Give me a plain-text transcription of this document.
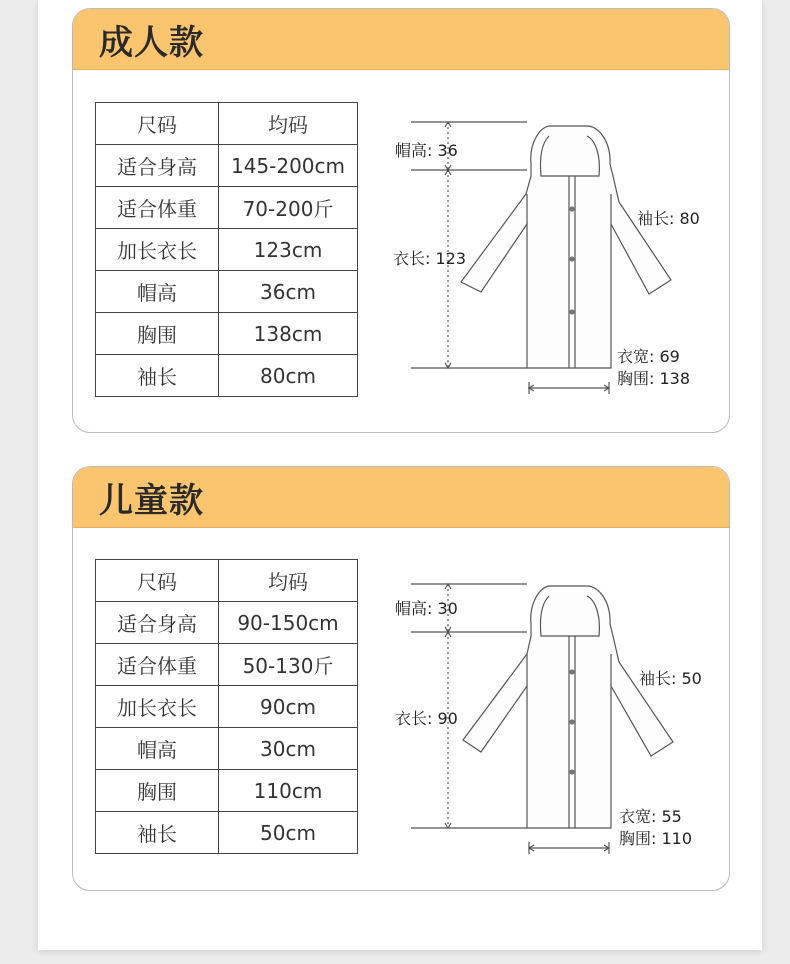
成人款
尺码	均码
适合身高	145-200cm
适合体重	70-200斤
加长衣长	123cm
帽高	36cm
胸围	138cm
袖长	80cm
帽高: 36
衣长: 123
袖长: 80
衣宽: 69
胸围: 138
儿童款
尺码	均码
适合身高	90-150cm
适合体重	50-130斤
加长衣长	90cm
帽高	30cm
胸围	110cm
袖长	50cm
帽高: 30
衣长: 90
袖长: 50
衣宽: 55
胸围: 110
